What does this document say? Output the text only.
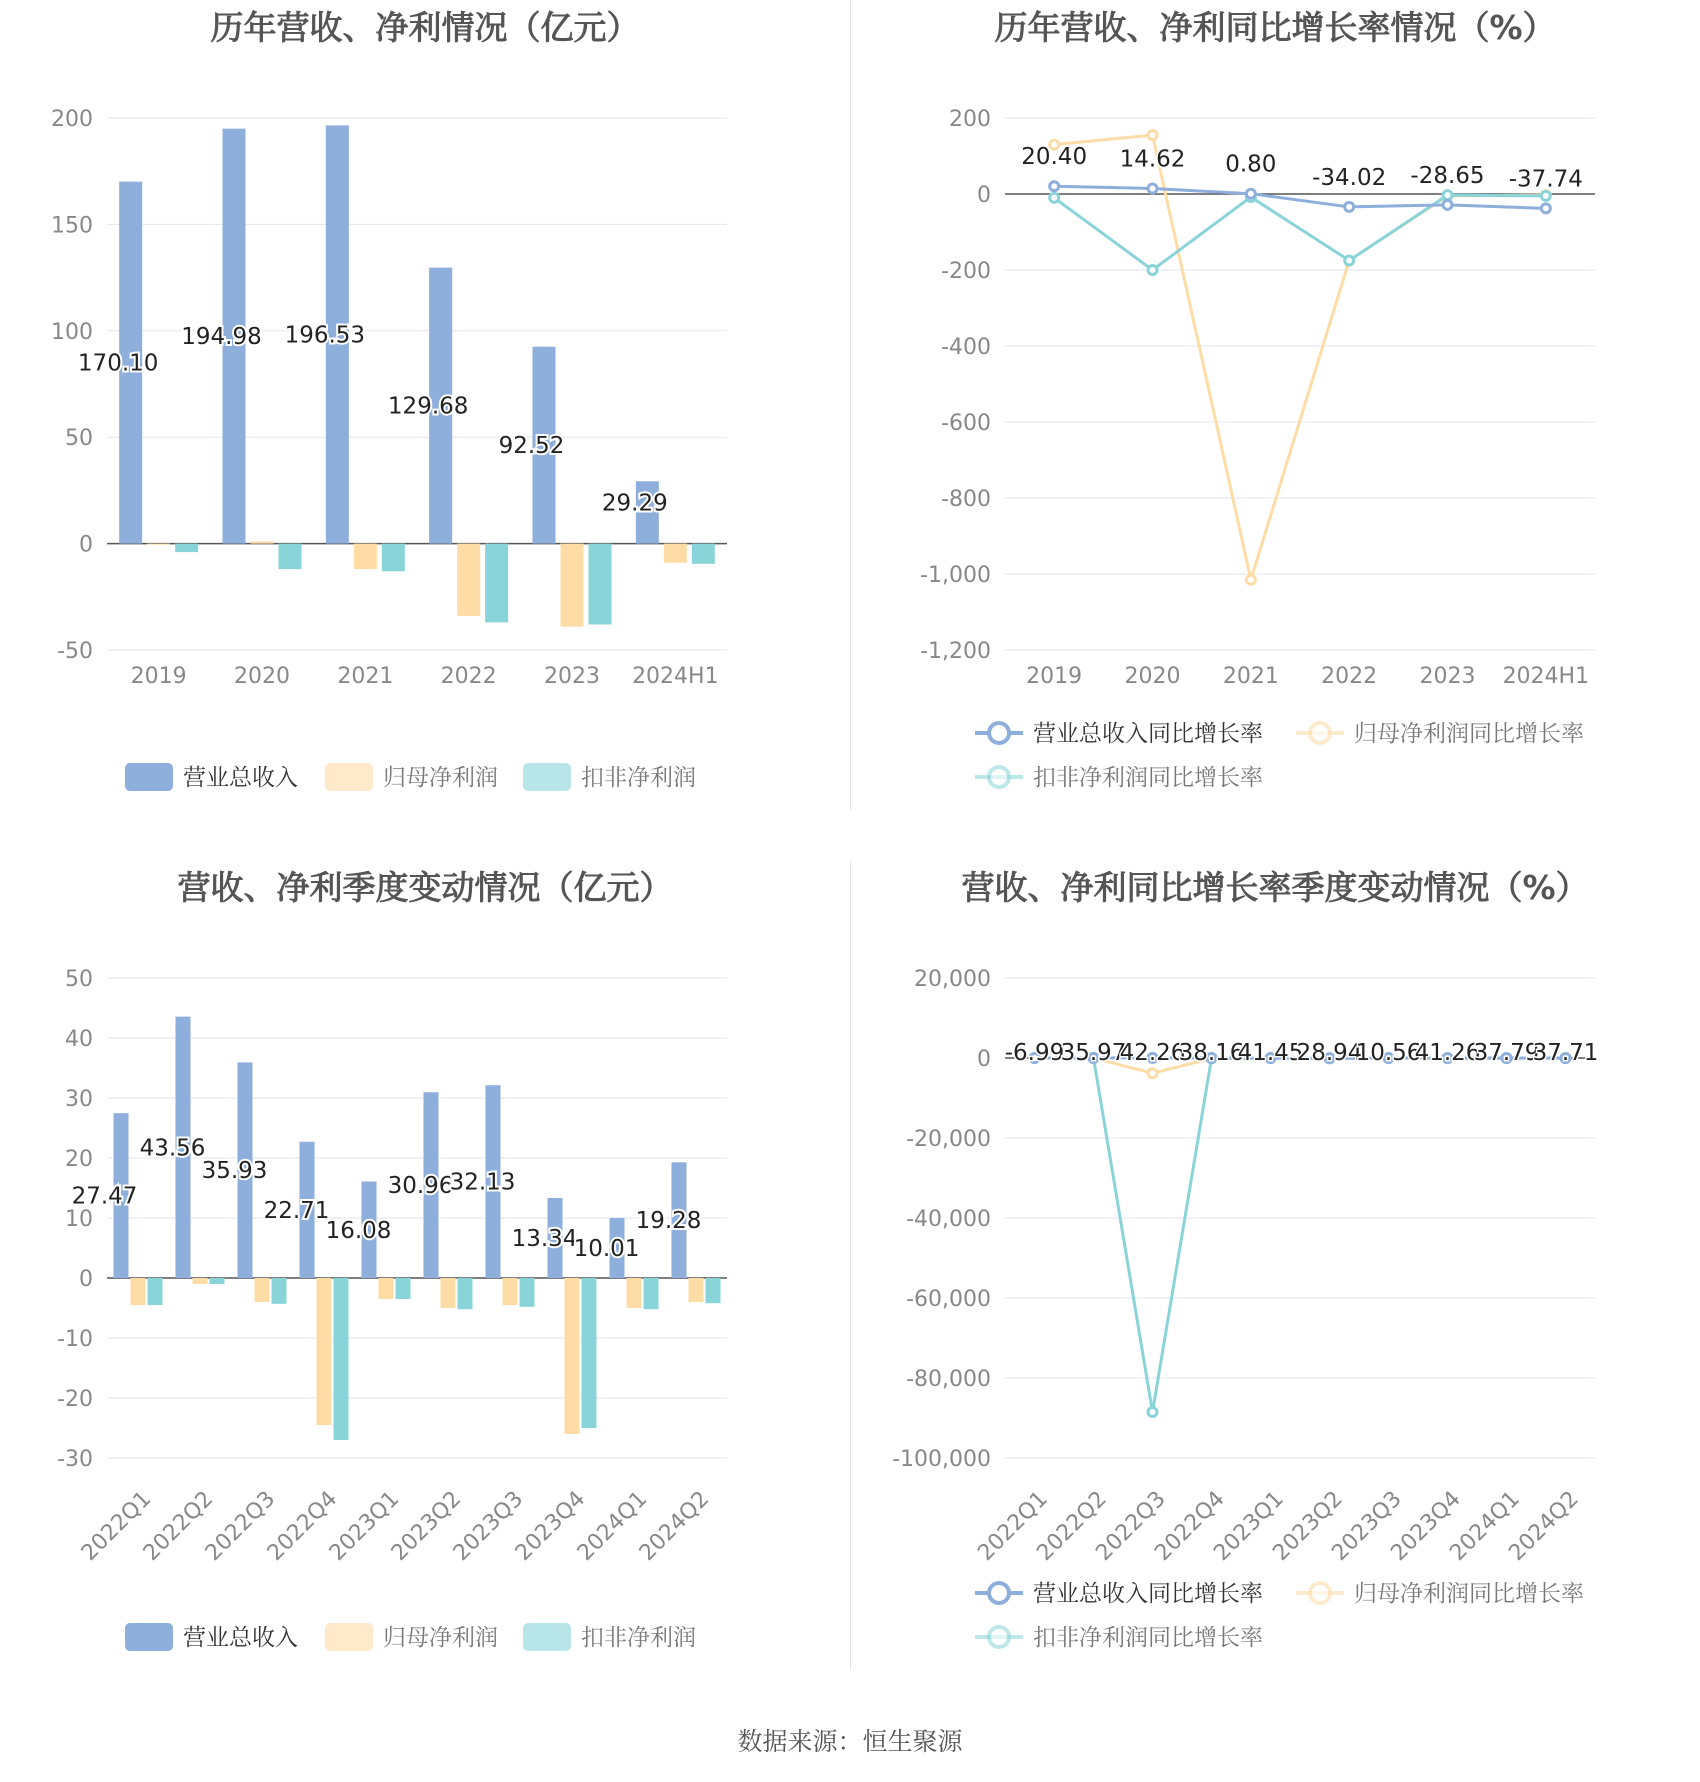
历年营收、净利情况（亿元）
200
150
100
50
0
-50
170.10
194.98 196.53
129.68
92.52
29.29
2019 2020 2021 2022 2023 2024H1
营业总收入	归母净利润	扣非净利润
历年营收、净利同比增长率情况（%）
200
0
-200
-400
-600
-800
-1,000
-1,200
20.40 14.62 0.80
-34.02 -28.65 -37.74
2019 2020 2021 2022 2023 2024H1
营业总收入同比增长率	归母净利润同比增长率
扣非净利润同比增长率
营收、净利季度变动情况（亿元）
50
40
30
20
10
0
-10
-20
-30
27.47
43.56
35.93
22.71
16.08
30.96
32.13
13.34
10.01
19.28
2022Q1
2022Q2
2022Q3
2022Q4
2023Q1
2023Q2
2023Q3
2023Q4
2024Q1
2024Q2
营业总收入	归母净利润	扣非净利润
营收、净利同比增长率季度变动情况（%）
20,000
0
-20,000
-40,000
-60,000
-80,000
-100,000
-6.99
35.97
42.26
38.16
41.45
28.94
10.56
41.26
37.79
37.71
2022Q1
2022Q2
2022Q3
2022Q4
2023Q1
2023Q2
2023Q3
2023Q4
2024Q1
2024Q2
营业总收入同比增长率	归母净利润同比增长率
扣非净利润同比增长率
数据来源：恒生聚源
